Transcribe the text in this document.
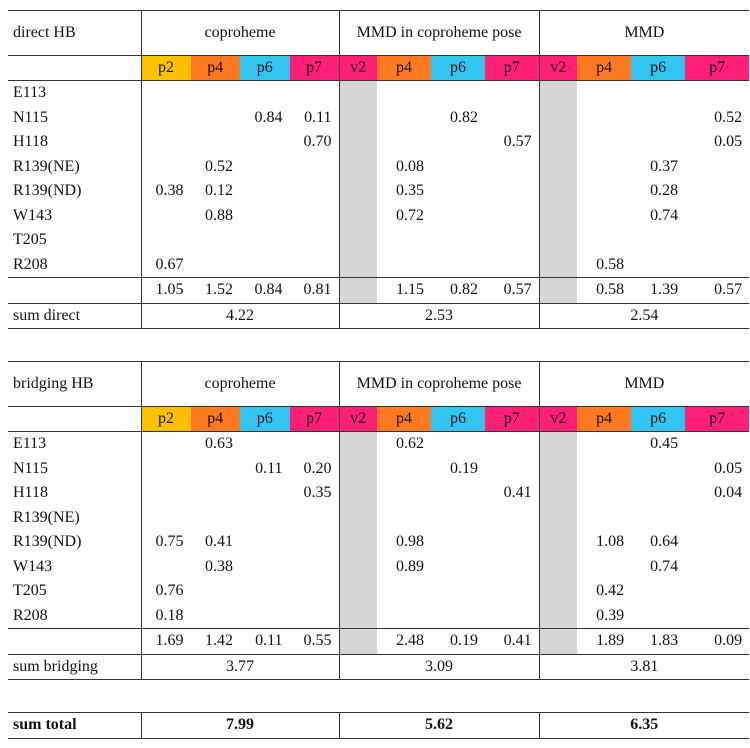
direct HB	coproheme				MMD in coproheme pose				MMD			
	p2	p4	p6	p7	v2	p4	p6	p7	v2	p4	p6	p7
E113												
N115			0.84	0.11			0.82					0.52
H118				0.70				0.57				0.05
R139(NE)		0.52				0.08					0.37	
R139(ND)	0.38	0.12				0.35					0.28	
W143		0.88				0.72					0.74	
T205												
R208	0.67									0.58		
	1.05	1.52	0.84	0.81		1.15	0.82	0.57		0.58	1.39	0.57
sum direct	4.22				2.53				2.54			
bridging HB	coproheme				MMD in coproheme pose				MMD			
	p2	p4	p6	p7	v2	p4	p6	p7	v2	p4	p6	p7
E113		0.63				0.62					0.45	
N115			0.11	0.20			0.19					0.05
H118				0.35				0.41				0.04
R139(NE)												
R139(ND)	0.75	0.41				0.98				1.08	0.64	
W143		0.38				0.89					0.74	
T205	0.76									0.42		
R208	0.18									0.39		
	1.69	1.42	0.11	0.55		2.48	0.19	0.41		1.89	1.83	0.09
sum bridging	3.77				3.09				3.81			
sum total	7.99	5.62	6.35
